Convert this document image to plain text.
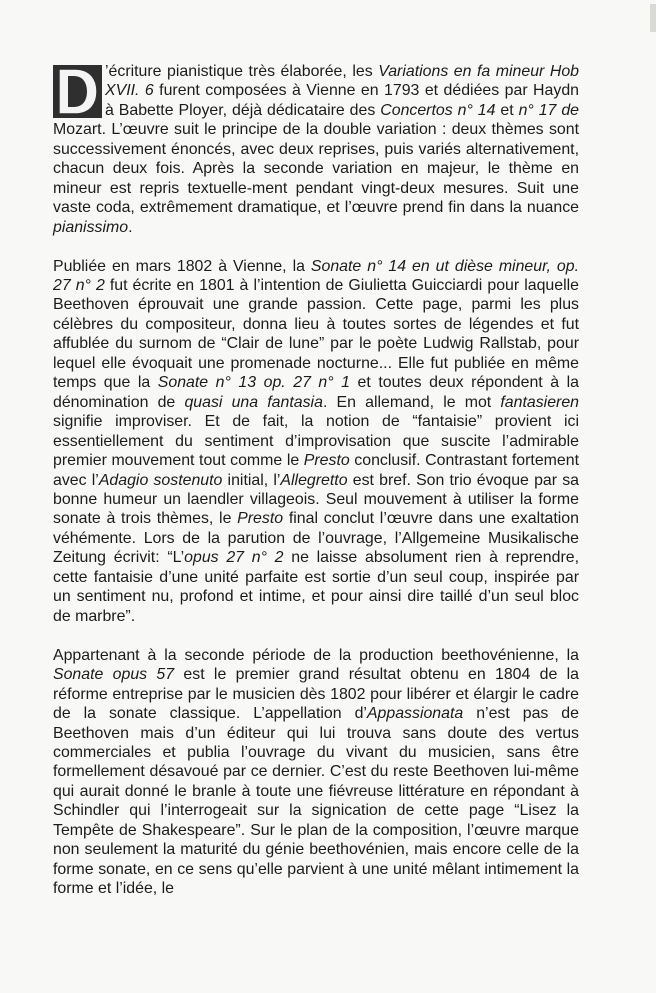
’écriture pianistique très élaborée, les Variations en fa mineur Hob XVII. 6 furent composées à Vienne en 1793 et dédiées par Haydn à Babette Ployer, déjà dédicataire des Concertos n° 14 et n° 17 de Mozart. L’œuvre suit le principe de la double variation : deux thèmes sont successivement énoncés, avec deux reprises, puis variés alternativement, chacun deux fois. Après la seconde variation en majeur, le thème en mineur est repris textuelle-ment pendant vingt-deux mesures. Suit une vaste coda, extrêmement dramatique, et l’œuvre prend fin dans la nuance pianissimo.

Publiée en mars 1802 à Vienne, la Sonate n° 14 en ut dièse mineur, op. 27 n° 2 fut écrite en 1801 à l’intention de Giulietta Guicciardi pour laquelle Beethoven éprouvait une grande passion. Cette page, parmi les plus célèbres du compositeur, donna lieu à toutes sortes de légendes et fut affublée du surnom de “Clair de lune” par le poète Ludwig Rallstab, pour lequel elle évoquait une promenade nocturne... Elle fut publiée en même temps que la Sonate n° 13 op. 27 n° 1 et toutes deux répondent à la dénomination de quasi una fantasia. En allemand, le mot fantasieren signifie improviser. Et de fait, la notion de “fantaisie” provient ici essentiellement du sentiment d’improvisation que suscite l’admirable premier mouvement tout comme le Presto conclusif. Contrastant fortement avec l’Adagio sostenuto initial, l’Allegretto est bref. Son trio évoque par sa bonne humeur un laendler villageois. Seul mouvement à utiliser la forme sonate à trois thèmes, le Presto final conclut l’œuvre dans une exaltation véhémente. Lors de la parution de l’ouvrage, l’Allgemeine Musikalische Zeitung écrivit: “L’opus 27 n° 2 ne laisse absolument rien à reprendre, cette fantaisie d’une unité parfaite est sortie d’un seul coup, inspirée par un sentiment nu, profond et intime, et pour ainsi dire taillé d’un seul bloc de marbre”.

Appartenant à la seconde période de la production beethovénienne, la Sonate opus 57 est le premier grand résultat obtenu en 1804 de la réforme entreprise par le musicien dès 1802 pour libérer et élargir le cadre de la sonate classique. L’appellation d’Appassionata n’est pas de Beethoven mais d’un éditeur qui lui trouva sans doute des vertus commerciales et publia l’ouvrage du vivant du musicien, sans être formellement désavoué par ce dernier. C’est du reste Beethoven lui-même qui aurait donné le branle à toute une fiévreuse littérature en répondant à Schindler qui l’interrogeait sur la signication de cette page “Lisez la Tempête de Shakespeare”. Sur le plan de la composition, l’œuvre marque non seulement la maturité du génie beethovénien, mais encore celle de la forme sonate, en ce sens qu’elle parvient à une unité mêlant intimement la forme et l’idée, le
